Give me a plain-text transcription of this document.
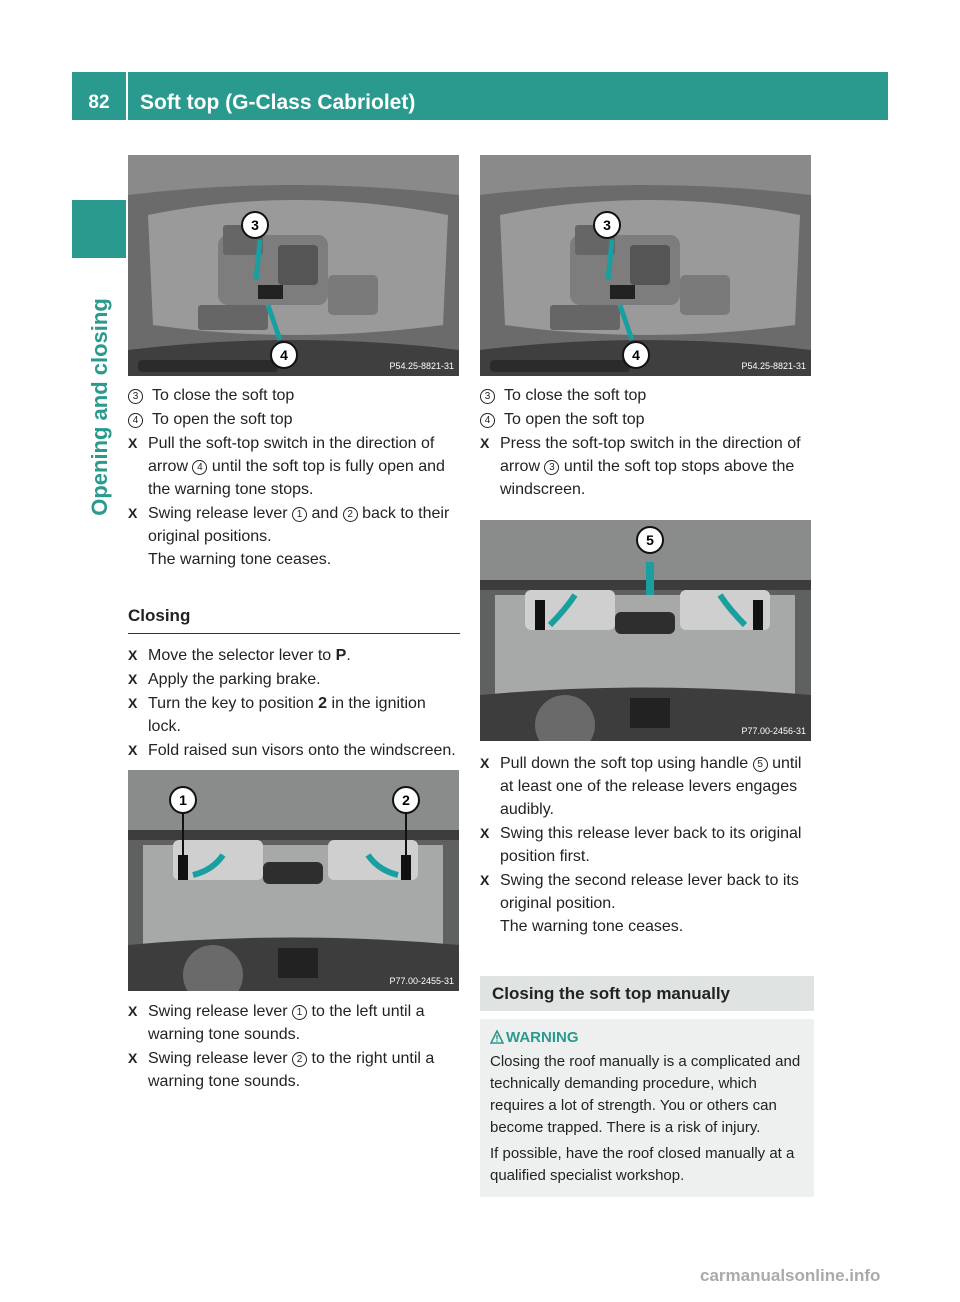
82	Soft top (G-Class Cabriolet)
Opening and closing
3
4
P54.25-8821-31
3
4
P54.25-8821-31
3 To close the soft top
4 To open the soft top
X Pull the soft-top switch in the direction of arrow 4 until the soft top is fully open and the warning tone stops.
X Swing release lever 1 and 2 back to their original positions.
The warning tone ceases.
Closing
X Move the selector lever to P.
X Apply the parking brake.
X Turn the key to position 2 in the ignition lock.
X Fold raised sun visors onto the windscreen.
1	2
P77.00-2455-31
X Swing release lever 1 to the left until a warning tone sounds.
X Swing release lever 2 to the right until a warning tone sounds.
3 To close the soft top
4 To open the soft top
X Press the soft-top switch in the direction of arrow 3 until the soft top stops above the windscreen.
5
P77.00-2456-31
X Pull down the soft top using handle 5 until at least one of the release levers engages audibly.
X Swing this release lever back to its original position first.
X Swing the second release lever back to its original position.
The warning tone ceases.
Closing the soft top manually
WARNING

Closing the roof manually is a complicated and technically demanding procedure, which requires a lot of strength. You or others can become trapped. There is a risk of injury.

If possible, have the roof closed manually at a qualified specialist workshop.

carmanualsonline.info
